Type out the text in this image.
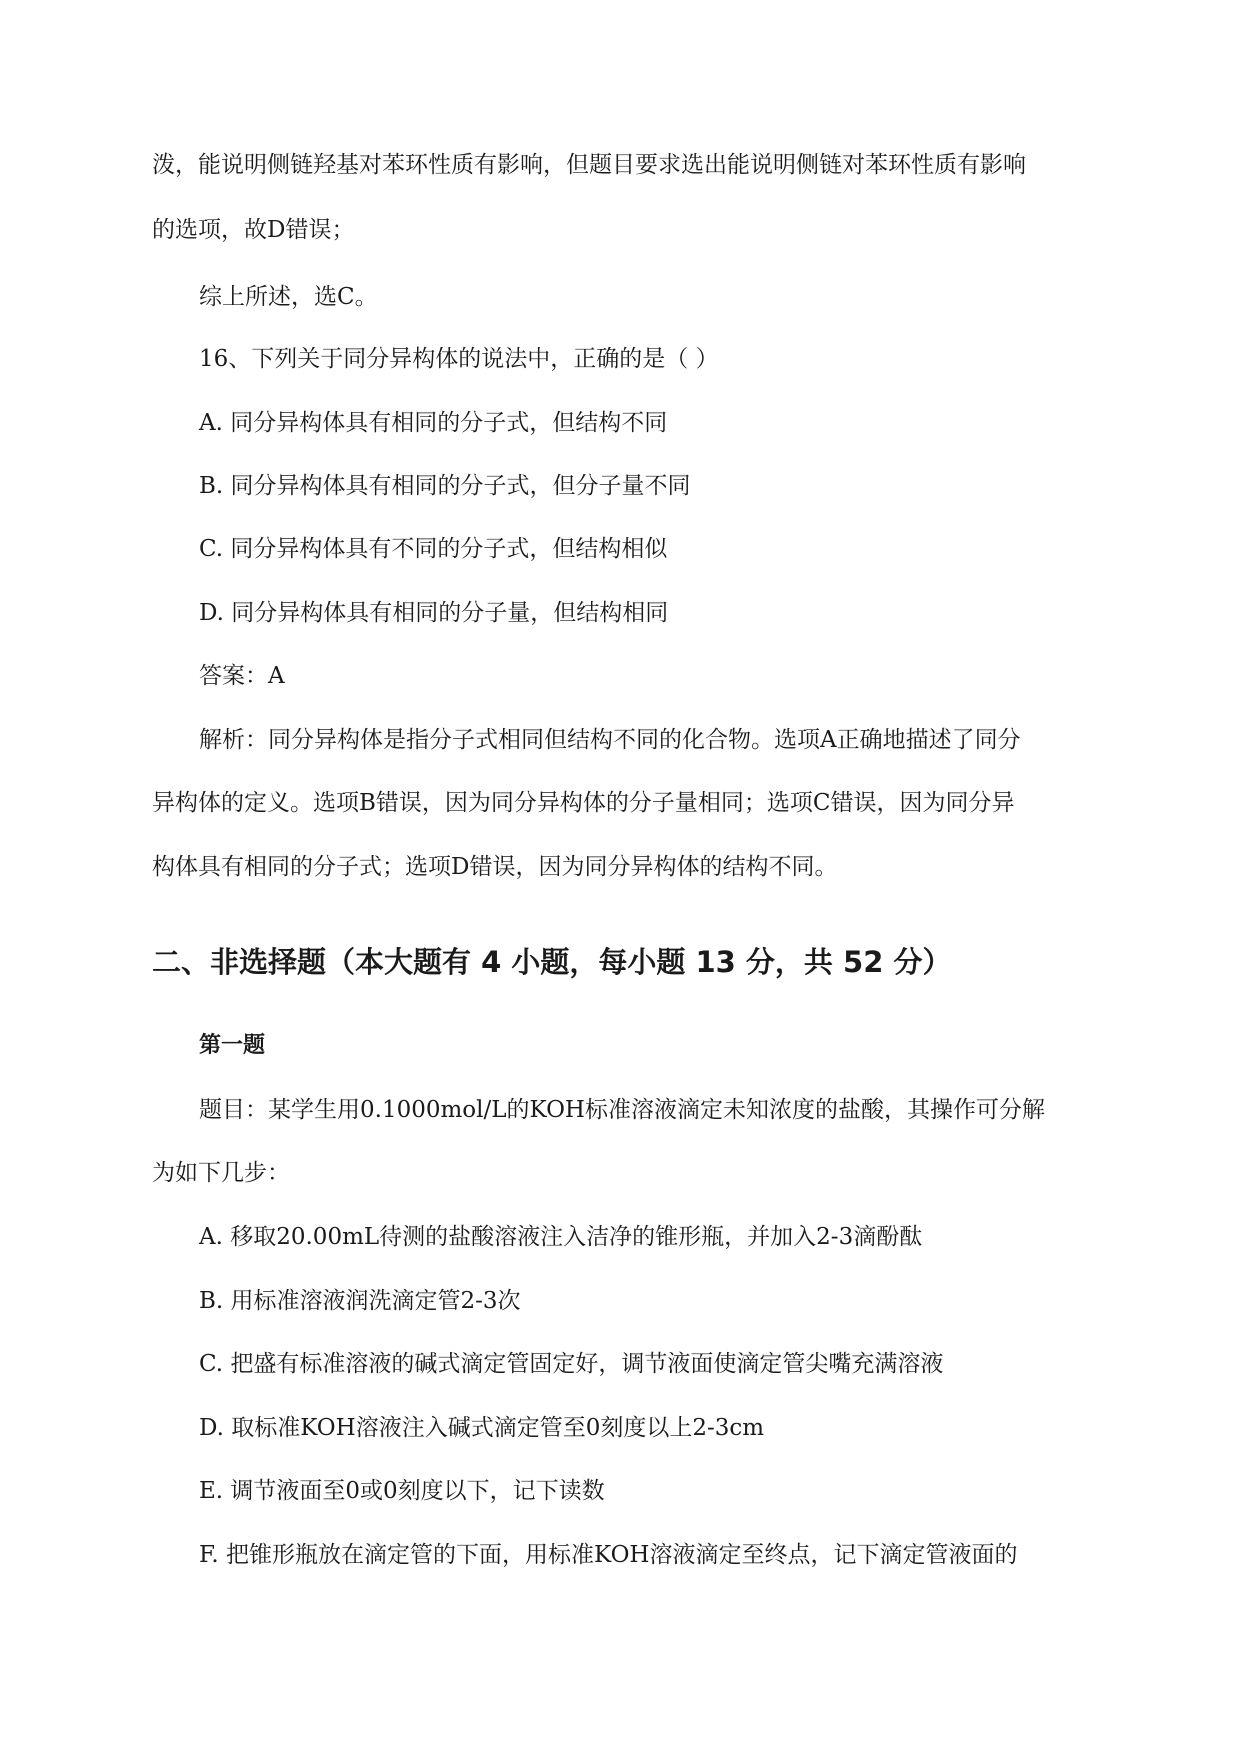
泼，能说明侧链羟基对苯环性质有影响，但题目要求选出能说明侧链对苯环性质有影响
的选项，故D错误；
综上所述，选C。
16、下列关于同分异构体的说法中，正确的是（ ）
A. 同分异构体具有相同的分子式，但结构不同
B. 同分异构体具有相同的分子式，但分子量不同
C. 同分异构体具有不同的分子式，但结构相似
D. 同分异构体具有相同的分子量，但结构相同
答案：A
解析：同分异构体是指分子式相同但结构不同的化合物。选项A正确地描述了同分
异构体的定义。选项B错误，因为同分异构体的分子量相同；选项C错误，因为同分异
构体具有相同的分子式；选项D错误，因为同分异构体的结构不同。
二、非选择题（本大题有 4 小题，每小题 13 分，共 52 分）
第一题
题目：某学生用0.1000mol/L的KOH标准溶液滴定未知浓度的盐酸，其操作可分解
为如下几步：
A. 移取20.00mL待测的盐酸溶液注入洁净的锥形瓶，并加入2-3滴酚酞
B. 用标准溶液润洗滴定管2-3次
C. 把盛有标准溶液的碱式滴定管固定好，调节液面使滴定管尖嘴充满溶液
D. 取标准KOH溶液注入碱式滴定管至0刻度以上2-3cm
E. 调节液面至0或0刻度以下，记下读数
F. 把锥形瓶放在滴定管的下面，用标准KOH溶液滴定至终点，记下滴定管液面的
